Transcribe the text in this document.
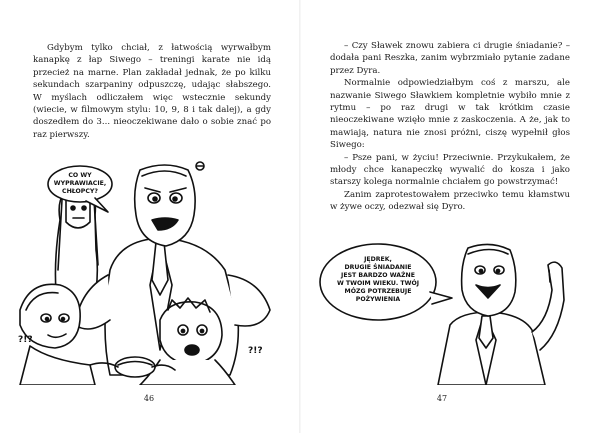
Gdybym tylko chciał, z łatwością wyrwałbym kanapkę z łap Siwego – treningi karate nie idą przecież na marne. Plan zakładał jednak, że po kilku sekundach szarpaniny odpuszczę, udając słabszego. W myślach odliczałem więc wstecznie sekundy (wiecie, w filmowym stylu: 10, 9, 8 i tak dalej), a gdy doszedłem do 3... nieoczekiwane dało o sobie znać po raz pierwszy.

CO WY
WYPRAWIACIE,
CHŁOPCY?
?!?
?!?
46

– Czy Sławek znowu zabiera ci drugie śniadanie? – dodała pani Reszka, zanim wybrzmiało pytanie zadane przez Dyra.

Normalnie odpowiedziałbym coś z marszu, ale nazwanie Siwego Sławkiem kompletnie wybiło mnie z rytmu – po raz drugi w tak krótkim czasie nieoczekiwane wzięło mnie z zaskoczenia. A że, jak to mawiają, natura nie znosi próżni, ciszę wypełnił głos Siwego:

– Psze pani, w życiu! Przeciwnie. Przykukałem, że młody chce kanapeczkę wywalić do kosza i jako starszy kolega normalnie chciałem go powstrzymać!

Zanim zaprotestowałem przeciwko temu kłamstwu w żywe oczy, odezwał się Dyro.

JĘDREK,
DRUGIE ŚNIADANIE
JEST BARDZO WAŻNE
W TWOIM WIEKU. TWÓJ
MÓZG POTRZEBUJE
POŻYWIENIA
47
